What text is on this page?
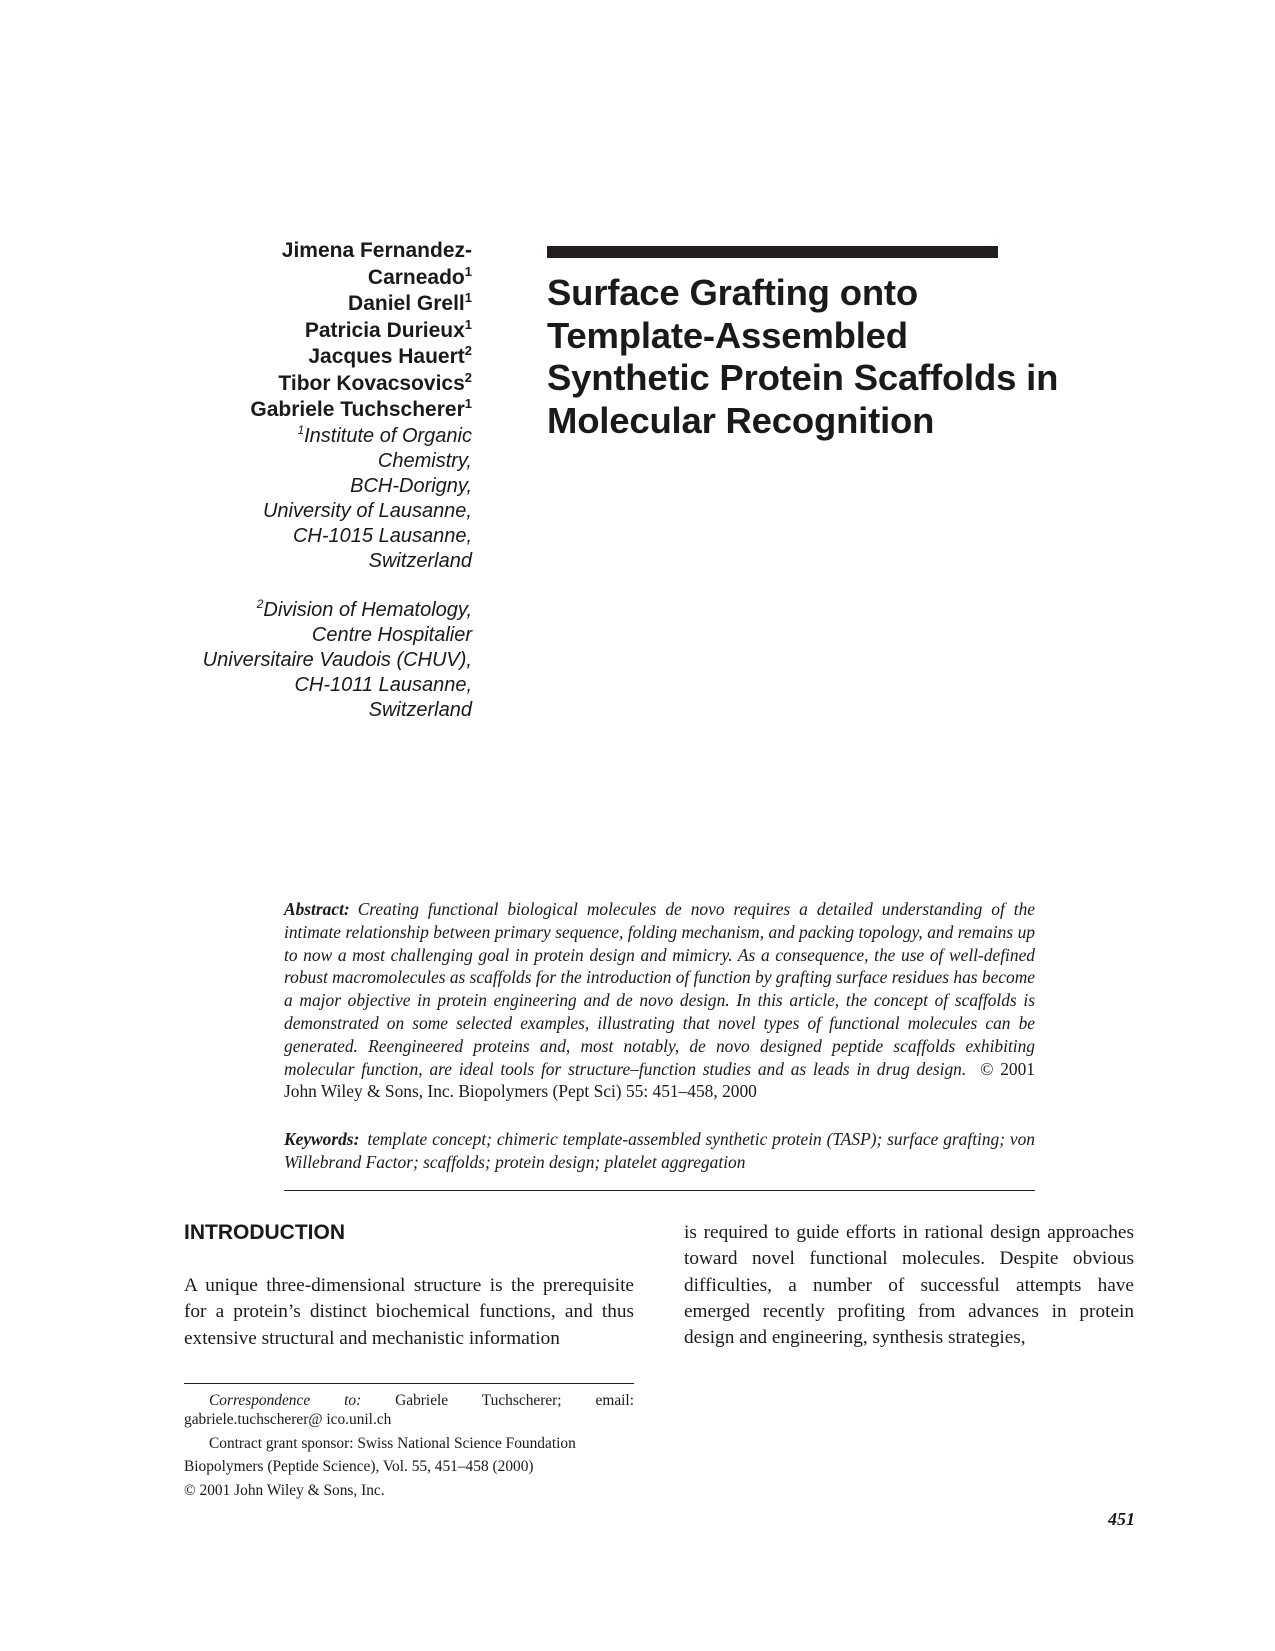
Jimena Fernandez-
Carneado$^1$
Daniel Grell$^1$
Patricia Durieux$^1$
Jacques Hauert$^2$
Tibor Kovacsovics$^2$
Gabriele Tuchscherer$^1$
$^1$Institute of Organic
Chemistry,
BCH-Dorigny,
University of Lausanne,
CH-1015 Lausanne,
Switzerland
$^2$Division of Hematology,
Centre Hospitalier
Universitaire Vaudois (CHUV),
CH-1011 Lausanne,
Switzerland
Surface Grafting onto
Template-Assembled
Synthetic Protein Scaffolds in
Molecular Recognition

Abstract: Creating functional biological molecules de novo requires a detailed understanding of the intimate relationship between primary sequence, folding mechanism, and packing topology, and remains up to now a most challenging goal in protein design and mimicry. As a consequence, the use of well-defined robust macromolecules as scaffolds for the introduction of function by grafting surface residues has become a major objective in protein engineering and de novo design. In this article, the concept of scaffolds is demonstrated on some selected examples, illustrating that novel types of functional molecules can be generated. Reengineered proteins and, most notably, de novo designed peptide scaffolds exhibiting molecular function, are ideal tools for structure–function studies and as leads in drug design. © 2001 John Wiley & Sons, Inc. Biopolymers (Pept Sci) 55: 451–458, 2000

Keywords: template concept; chimeric template-assembled synthetic protein (TASP); surface grafting; von Willebrand Factor; scaffolds; protein design; platelet aggregation

INTRODUCTION

A unique three-dimensional structure is the prerequisite for a protein’s distinct biochemical functions, and thus extensive structural and mechanistic information

is required to guide efforts in rational design approaches toward novel functional molecules. Despite obvious difficulties, a number of successful attempts have emerged recently profiting from advances in protein design and engineering, synthesis strategies,

Correspondence to: Gabriele Tuchscherer; email: gabriele.tuchscherer@ ico.unil.ch

Contract grant sponsor: Swiss National Science Foundation

Biopolymers (Peptide Science), Vol. 55, 451–458 (2000)

© 2001 John Wiley & Sons, Inc.

451
